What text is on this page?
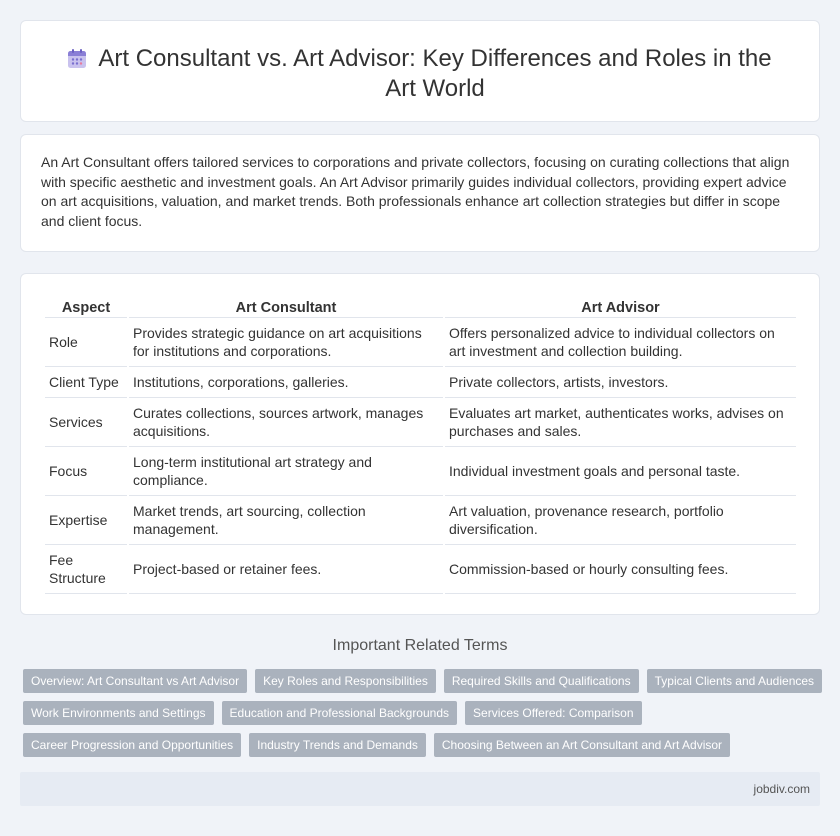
Art Consultant vs. Art Advisor: Key Differences and Roles in the Art World

An Art Consultant offers tailored services to corporations and private collectors, focusing on curating collections that align with specific aesthetic and investment goals. An Art Advisor primarily guides individual collectors, providing expert advice on art acquisitions, valuation, and market trends. Both professionals enhance art collection strategies but differ in scope and client focus.

Aspect	Art Consultant	Art Advisor
Role	Provides strategic guidance on art acquisitions for institutions and corporations.	Offers personalized advice to individual collectors on art investment and collection building.
Client Type	Institutions, corporations, galleries.	Private collectors, artists, investors.
Services	Curates collections, sources artwork, manages acquisitions.	Evaluates art market, authenticates works, advises on purchases and sales.
Focus	Long-term institutional art strategy and compliance.	Individual investment goals and personal taste.
Expertise	Market trends, art sourcing, collection management.	Art valuation, provenance research, portfolio diversification.
Fee Structure	Project-based or retainer fees.	Commission-based or hourly consulting fees.
Important Related Terms
Overview: Art Consultant vs Art Advisor	Key Roles and Responsibilities	Required Skills and Qualifications	Typical Clients and Audiences
Work Environments and Settings	Education and Professional Backgrounds	Services Offered: Comparison
Career Progression and Opportunities	Industry Trends and Demands	Choosing Between an Art Consultant and Art Advisor
jobdiv.com
